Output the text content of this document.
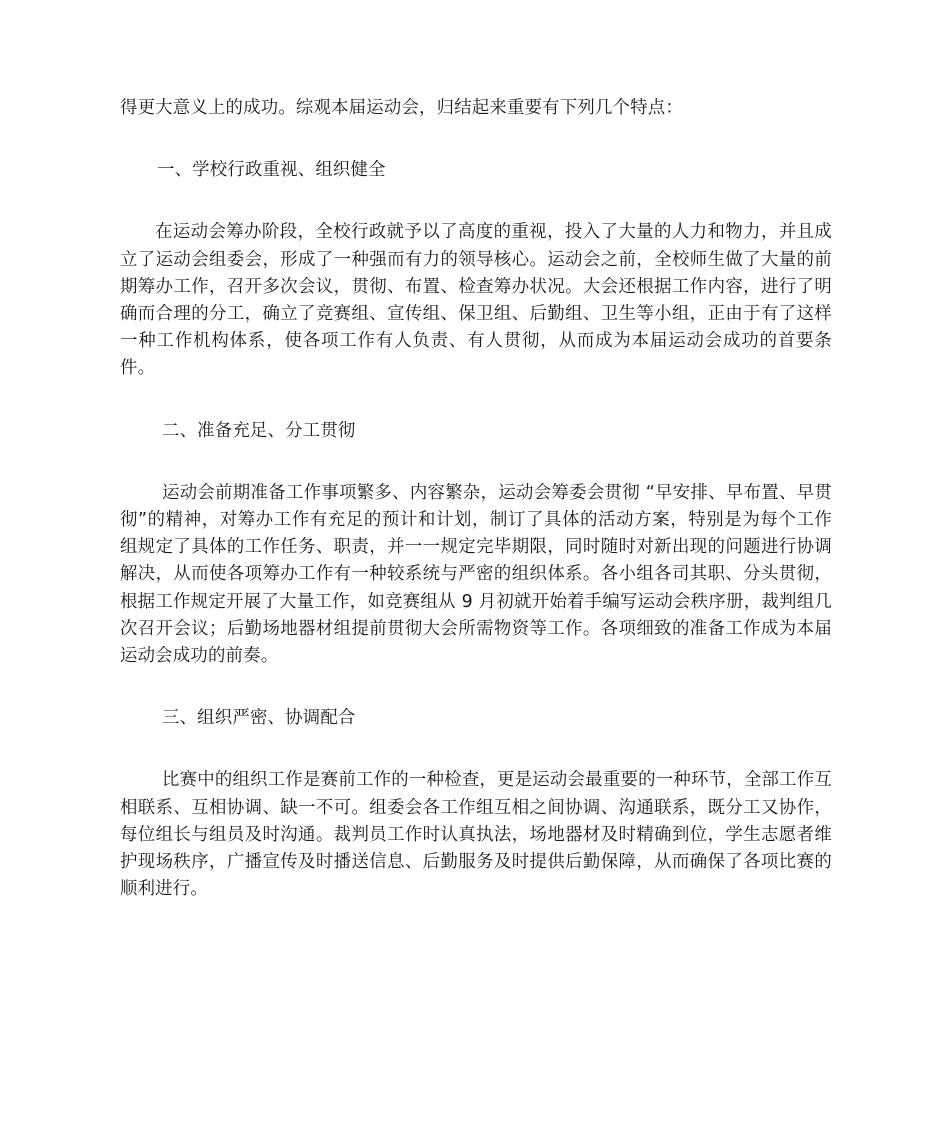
得更大意义上的成功。综观本届运动会，归结起来重要有下列几个特点：

一、学校行政重视、组织健全

在运动会筹办阶段，全校行政就予以了高度的重视，投入了大量的人力和物力，并且成立了运动会组委会，形成了一种强而有力的领导核心。运动会之前，全校师生做了大量的前期筹办工作，召开多次会议，贯彻、布置、检查筹办状况。大会还根据工作内容，进行了明确而合理的分工，确立了竞赛组、宣传组、保卫组、后勤组、卫生等小组，正由于有了这样一种工作机构体系，使各项工作有人负责、有人贯彻，从而成为本届运动会成功的首要条件。

二、准备充足、分工贯彻

运动会前期准备工作事项繁多、内容繁杂，运动会筹委会贯彻 “早安排、早布置、早贯彻”的精神，对筹办工作有充足的预计和计划，制订了具体的活动方案，特别是为每个工作组规定了具体的工作任务、职责，并一一规定完毕期限，同时随时对新出现的问题进行协调解决，从而使各项筹办工作有一种较系统与严密的组织体系。各小组各司其职、分头贯彻，根据工作规定开展了大量工作，如竞赛组从 9 月初就开始着手编写运动会秩序册，裁判组几次召开会议；后勤场地器材组提前贯彻大会所需物资等工作。各项细致的准备工作成为本届运动会成功的前奏。

三、组织严密、协调配合

比赛中的组织工作是赛前工作的一种检查，更是运动会最重要的一种环节，全部工作互相联系、互相协调、缺一不可。组委会各工作组互相之间协调、沟通联系，既分工又协作，每位组长与组员及时沟通。裁判员工作时认真执法，场地器材及时精确到位，学生志愿者维护现场秩序，广播宣传及时播送信息、后勤服务及时提供后勤保障，从而确保了各项比赛的顺利进行。
